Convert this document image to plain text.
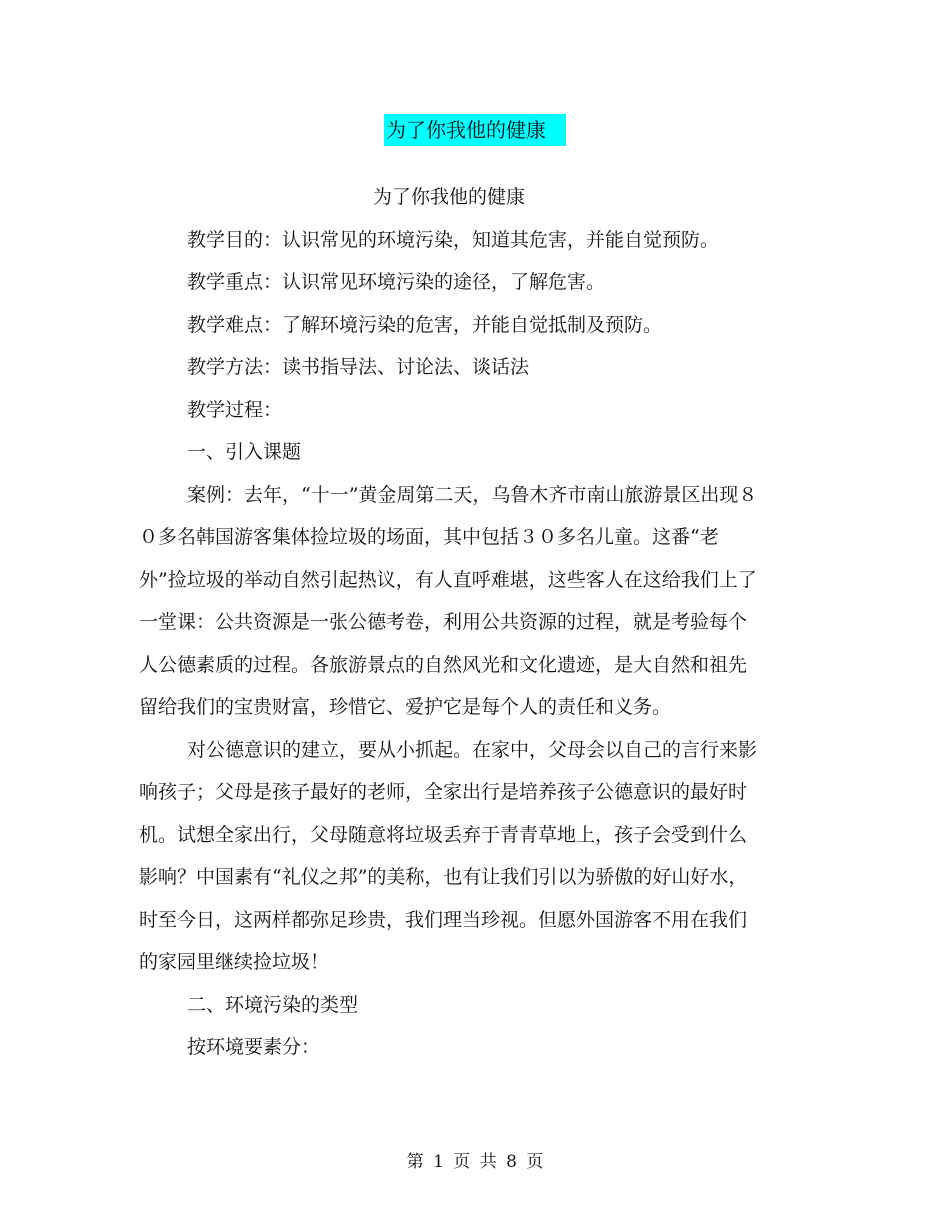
为了你我他的健康

为了你我他的健康

教学目的：认识常见的环境污染，知道其危害，并能自觉预防。

教学重点：认识常见环境污染的途径，了解危害。

教学难点：了解环境污染的危害，并能自觉抵制及预防。

教学方法：读书指导法、讨论法、谈话法

教学过程：

一、引入课题

案例：去年，“十一”黄金周第二天，乌鲁木齐市南山旅游景区出现８０多名韩国游客集体捡垃圾的场面，其中包括３０多名儿童。这番“老外”捡垃圾的举动自然引起热议，有人直呼难堪，这些客人在这给我们上了一堂课：公共资源是一张公德考卷，利用公共资源的过程，就是考验每个人公德素质的过程。各旅游景点的自然风光和文化遗迹，是大自然和祖先留给我们的宝贵财富，珍惜它、爱护它是每个人的责任和义务。

对公德意识的建立，要从小抓起。在家中，父母会以自己的言行来影响孩子；父母是孩子最好的老师，全家出行是培养孩子公德意识的最好时机。试想全家出行，父母随意将垃圾丢弃于青青草地上，孩子会受到什么影响？中国素有“礼仪之邦”的美称，也有让我们引以为骄傲的好山好水，时至今日，这两样都弥足珍贵，我们理当珍视。但愿外国游客不用在我们的家园里继续捡垃圾！

二、环境污染的类型

按环境要素分：

第 1 页 共 8 页
